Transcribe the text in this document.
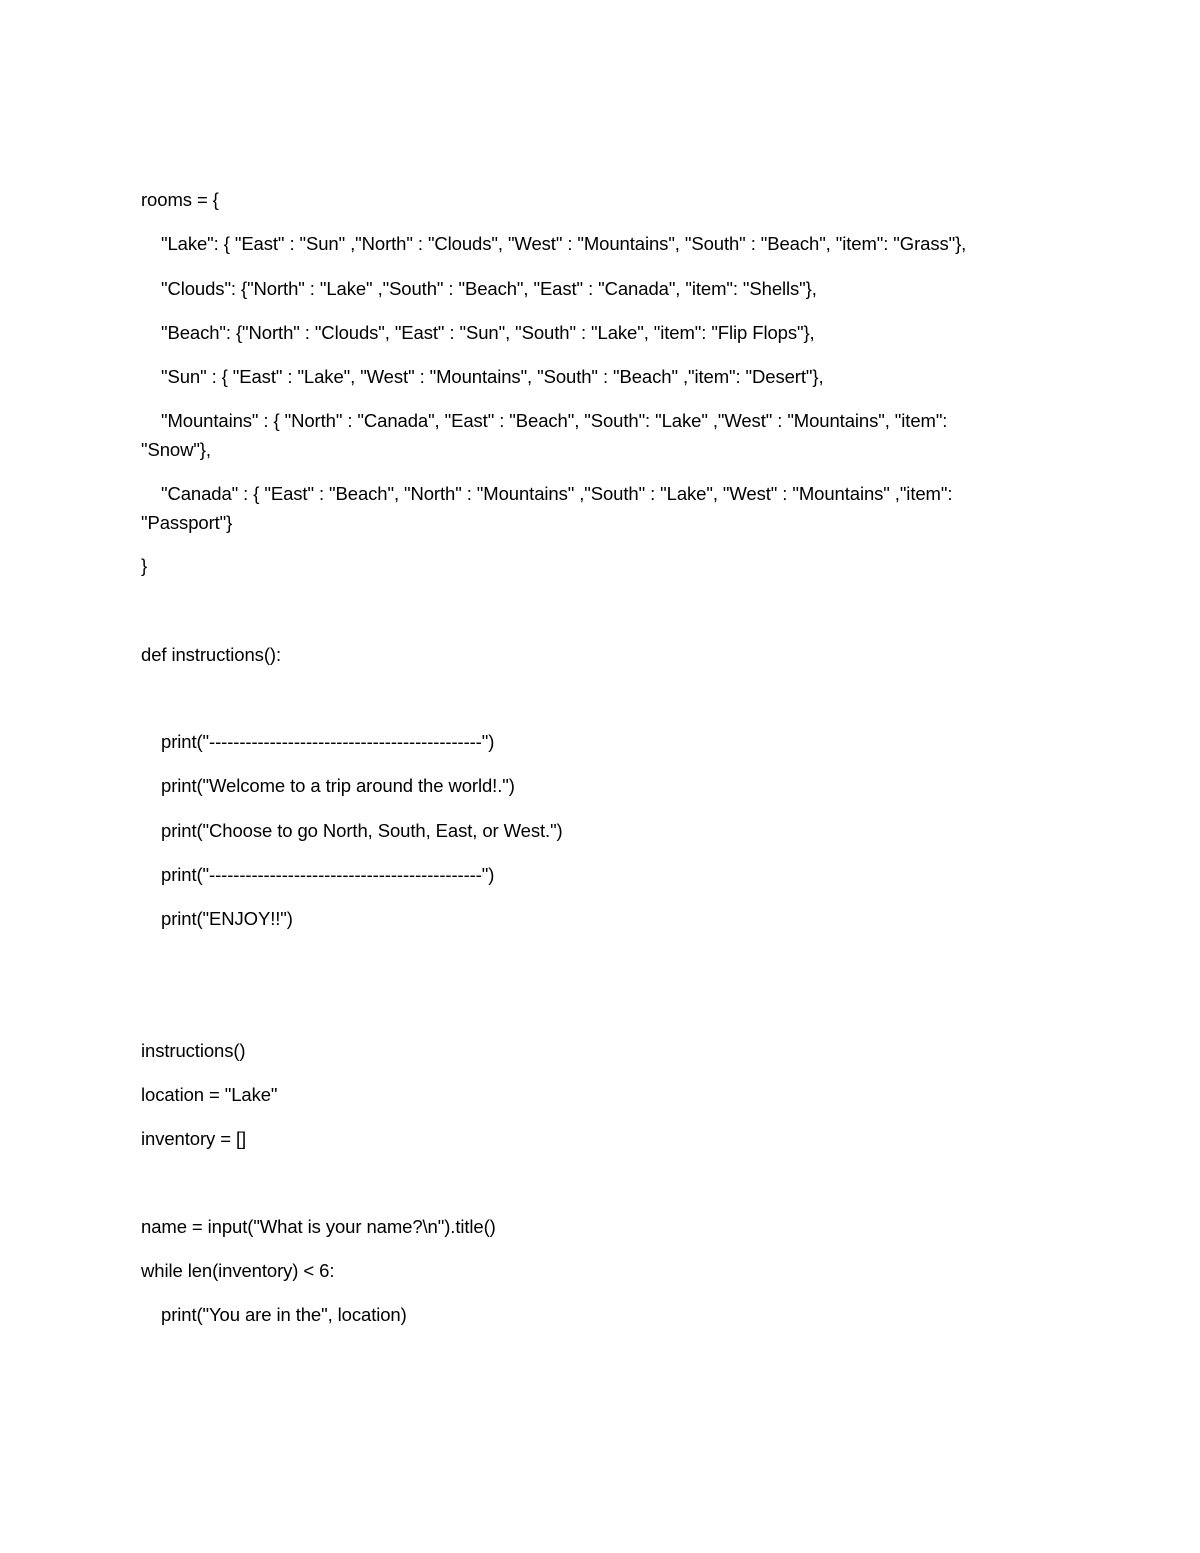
rooms = {
"Lake": { "East" : "Sun" ,"North" : "Clouds", "West" : "Mountains", "South" : "Beach", "item": "Grass"},
"Clouds": {"North" : "Lake" ,"South" : "Beach", "East" : "Canada", "item": "Shells"},
"Beach": {"North" : "Clouds", "East" : "Sun", "South" : "Lake", "item": "Flip Flops"},
"Sun" : { "East" : "Lake", "West" : "Mountains", "South" : "Beach" ,"item": "Desert"},
"Mountains" : { "North" : "Canada", "East" : "Beach", "South": "Lake" ,"West" : "Mountains", "item":
"Snow"},
"Canada" : { "East" : "Beach", "North" : "Mountains" ,"South" : "Lake", "West" : "Mountains" ,"item":
"Passport"}
}
def instructions():
print("---------------------------------------------")
print("Welcome to a trip around the world!.")
print("Choose to go North, South, East, or West.")
print("---------------------------------------------")
print("ENJOY!!")
instructions()
location = "Lake"
inventory = []
name = input("What is your name?\n").title()
while len(inventory) < 6:
print("You are in the", location)
